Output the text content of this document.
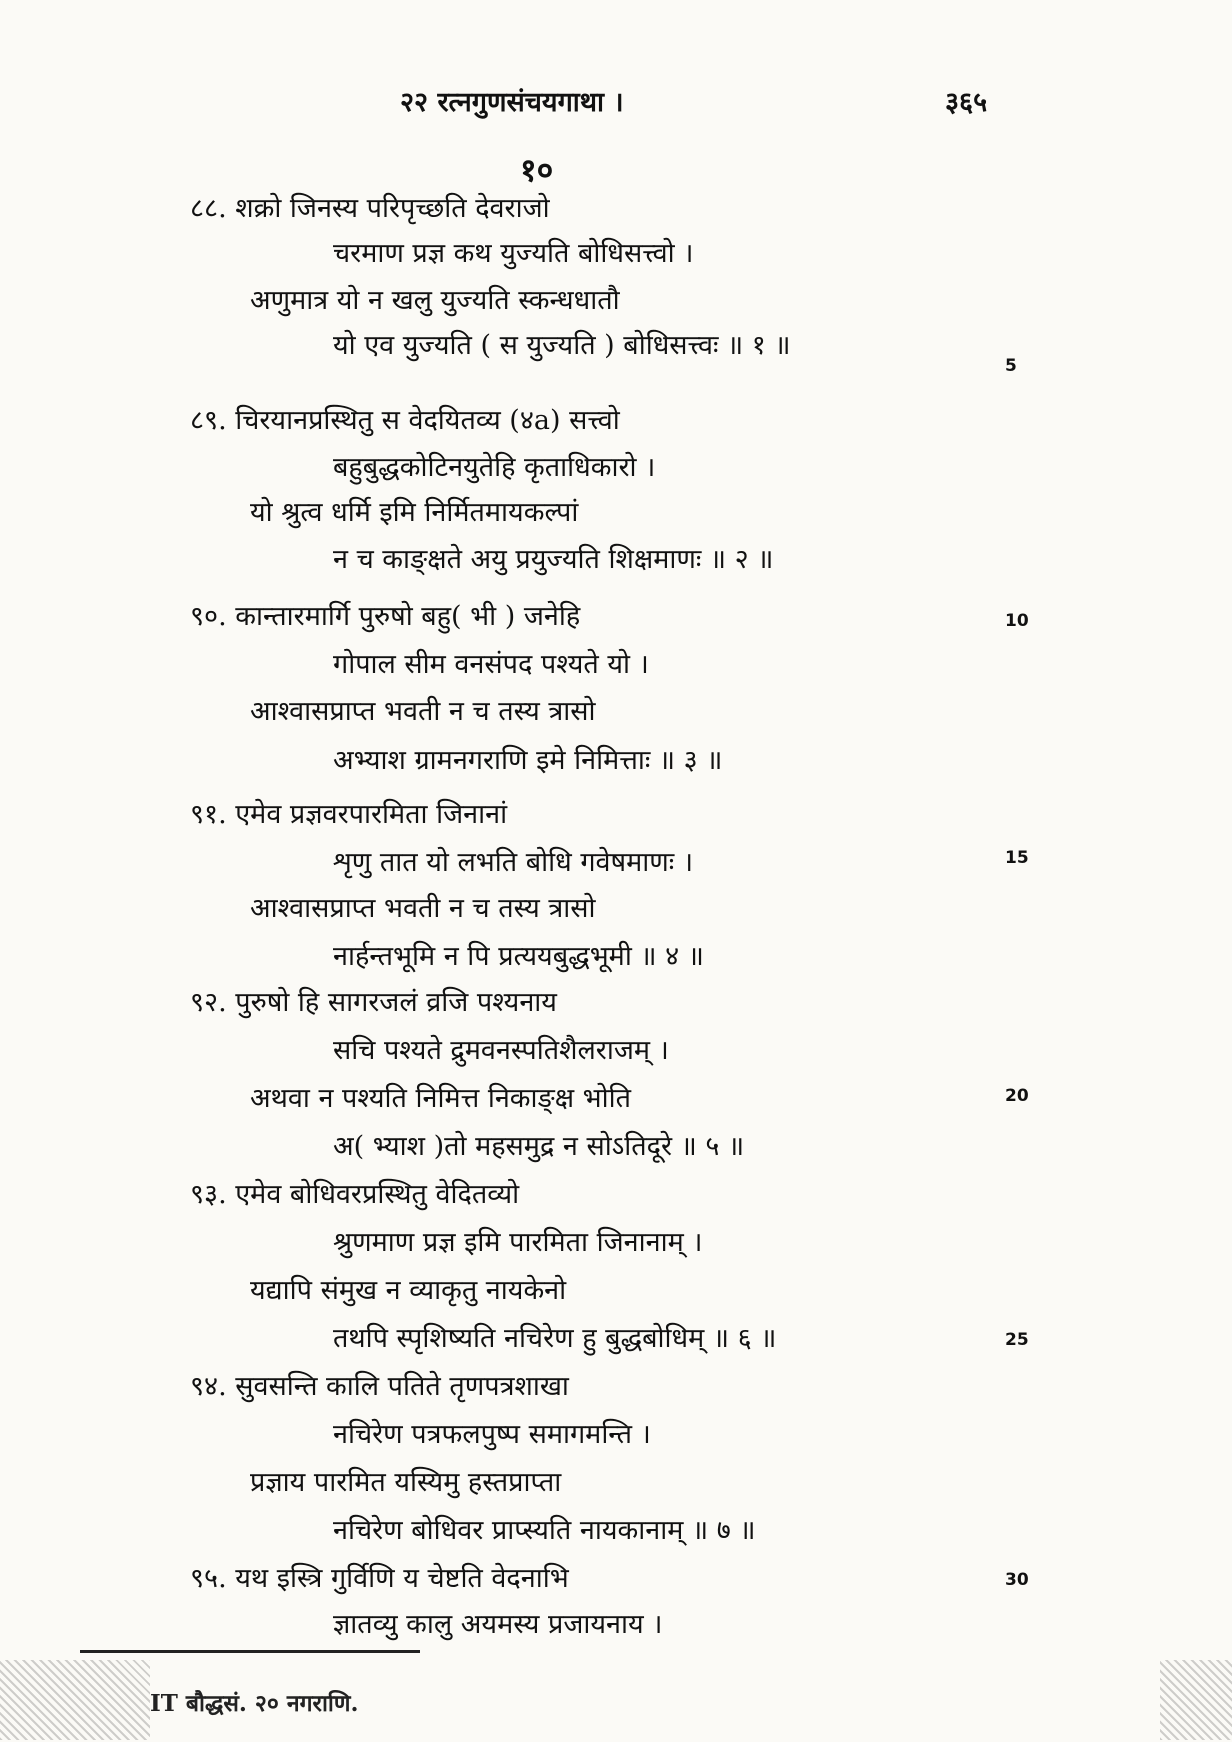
२२ रत्नगुणसंचयगाथा ।	३६५
१०
८८. शक्रो जिनस्य परिपृच्छति देवराजो
चरमाण प्रज्ञ कथ युज्यति बोधिसत्त्वो ।
अणुमात्र यो न खलु युज्यति स्कन्धधातौ
यो एव युज्यति ( स युज्यति ) बोधिसत्त्वः ॥ १ ॥
८९. चिरयानप्रस्थितु स वेदयितव्य (४a) सत्त्वो
बहुबुद्धकोटिनयुतेहि कृताधिकारो ।
यो श्रुत्व धर्मि इमि निर्मितमायकल्पां
न च काङ्क्षते अयु प्रयुज्यति शिक्षमाणः ॥ २ ॥
९०. कान्तारमार्गि पुरुषो बहु( भी ) जनेहि
गोपाल सीम वनसंपद पश्यते यो ।
आश्वासप्राप्त भवती न च तस्य त्रासो
अभ्याश ग्रामनगराणि इमे निमित्ताः ॥ ३ ॥
९१. एमेव प्रज्ञवरपारमिता जिनानां
शृणु तात यो लभति बोधि गवेषमाणः ।
आश्वासप्राप्त भवती न च तस्य त्रासो
नार्हन्तभूमि न पि प्रत्ययबुद्धभूमी ॥ ४ ॥
९२. पुरुषो हि सागरजलं व्रजि पश्यनाय
सचि पश्यते द्रुमवनस्पतिशैलराजम् ।
अथवा न पश्यति निमित्त निकाङ्क्ष भोति
अ( भ्याश )तो महसमुद्र न सोऽतिदूरे ॥ ५ ॥
९३. एमेव बोधिवरप्रस्थितु वेदितव्यो
श्रुणमाण प्रज्ञ इमि पारमिता जिनानाम् ।
यद्यापि संमुख न व्याकृतु नायकेनो
तथपि स्पृशिष्यति नचिरेण हु बुद्धबोधिम् ॥ ६ ॥
९४. सुवसन्ति कालि पतिते तृणपत्रशाखा
नचिरेण पत्रफलपुष्प समागमन्ति ।
प्रज्ञाय पारमित यस्यिमु हस्तप्राप्ता
नचिरेण बोधिवर प्राप्स्यति नायकानाम् ॥ ७ ॥
९५. यथ इस्त्रि गुर्विणि य चेष्टति वेदनाभि
ज्ञातव्यु कालु अयमस्य प्रजायनाय ।
5
10
15
20
25
30
IT बौद्धसं. २० नगराणि.
